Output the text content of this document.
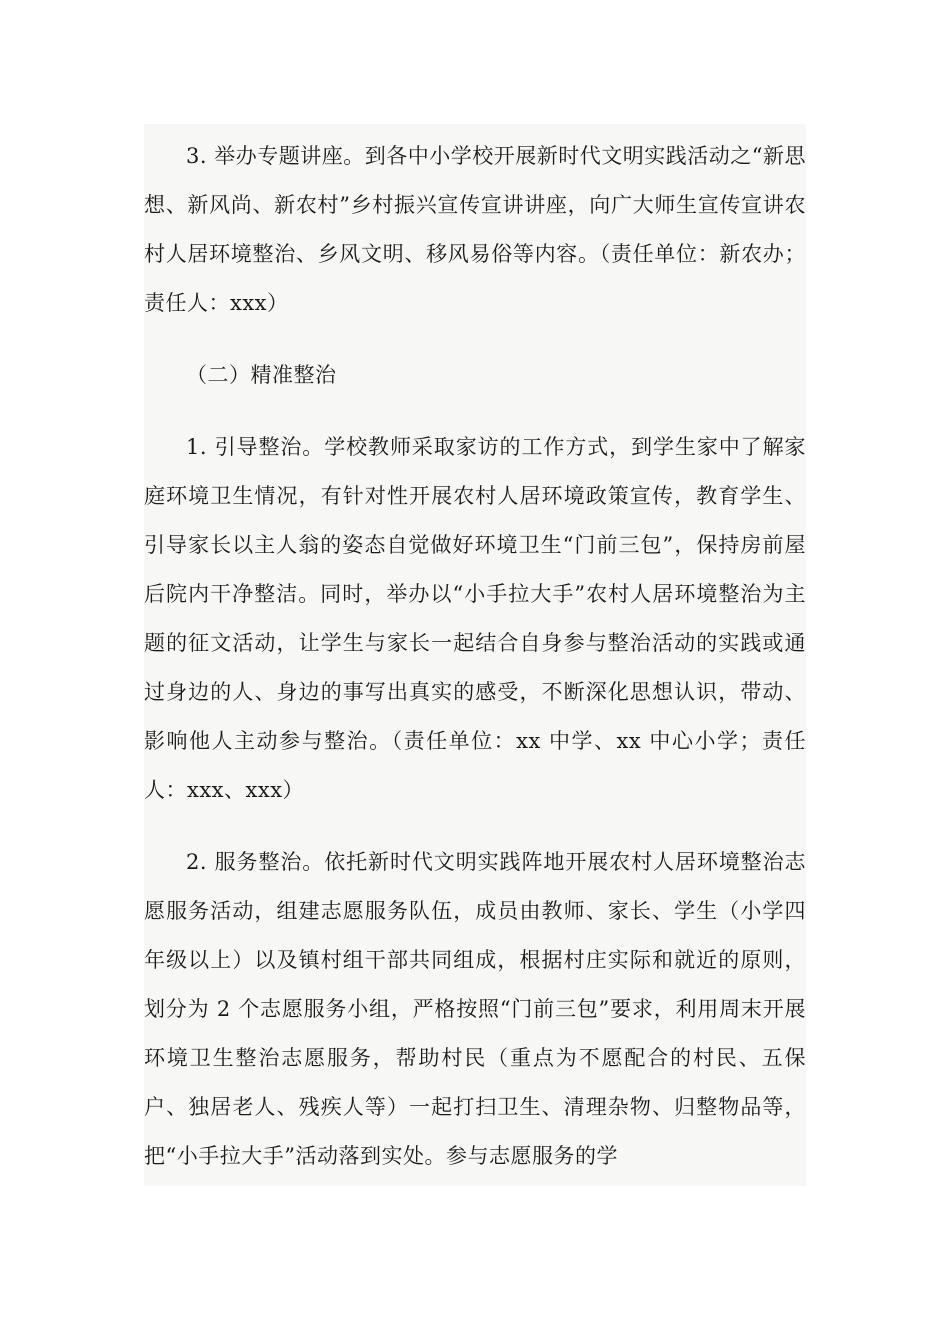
3. 举办专题讲座。到各中小学校开展新时代文明实践活动之“新思想、新风尚、新农村”乡村振兴宣传宣讲讲座，向广大师生宣传宣讲农村人居环境整治、乡风文明、移风易俗等内容。（责任单位：新农办；责任人：xxx）

（二）精准整治

1. 引导整治。学校教师采取家访的工作方式，到学生家中了解家庭环境卫生情况，有针对性开展农村人居环境政策宣传，教育学生、引导家长以主人翁的姿态自觉做好环境卫生“门前三包”，保持房前屋后院内干净整洁。同时，举办以“小手拉大手”农村人居环境整治为主题的征文活动，让学生与家长一起结合自身参与整治活动的实践或通过身边的人、身边的事写出真实的感受，不断深化思想认识，带动、影响他人主动参与整治。（责任单位：xx 中学、xx 中心小学；责任人：xxx、xxx）

2. 服务整治。依托新时代文明实践阵地开展农村人居环境整治志愿服务活动，组建志愿服务队伍，成员由教师、家长、学生（小学四年级以上）以及镇村组干部共同组成，根据村庄实际和就近的原则，划分为 2 个志愿服务小组，严格按照“门前三包”要求，利用周末开展环境卫生整治志愿服务，帮助村民（重点为不愿配合的村民、五保户、独居老人、残疾人等）一起打扫卫生、清理杂物、归整物品等，把“小手拉大手”活动落到实处。参与志愿服务的学
